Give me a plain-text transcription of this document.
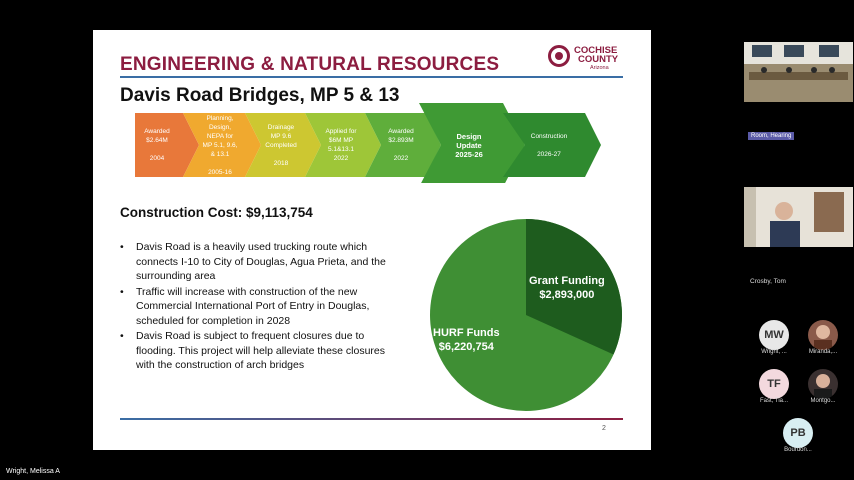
ENGINEERING & NATURAL RESOURCES
COCHISE
COUNTY
Arizona
Davis Road Bridges, MP 5 & 13
Awarded
$2.64M

2004
Planning,
Design,
NEPA for
MP 5.1, 9.6,
& 13.1

2005-16
Drainage
MP 9.6
Completed

2018
Applied for
$6M MP
5.1&13.1
2022
Awarded
$2.893M

2022
Design
Update
2025-26
Construction

2026-27
Construction Cost: $9,113,754
• Davis Road is a heavily used trucking route which connects I-10 to City of Douglas, Agua Prieta, and the surrounding area
• Traffic will increase with construction of the new Commercial International Port of Entry in Douglas, scheduled for completion in 2028
• Davis Road is subject to frequent closures due to flooding. This project will help alleviate these closures with the construction of arch bridges
Grant Funding
$2,893,000
HURF Funds
$6,220,754
2
Room, Hearing
Crosby, Tom
MW
Wright, ...	Miranda,...
TF
Fast, Tia...	Montgo...
PB
Bourdon...
Wright, Melissa A
